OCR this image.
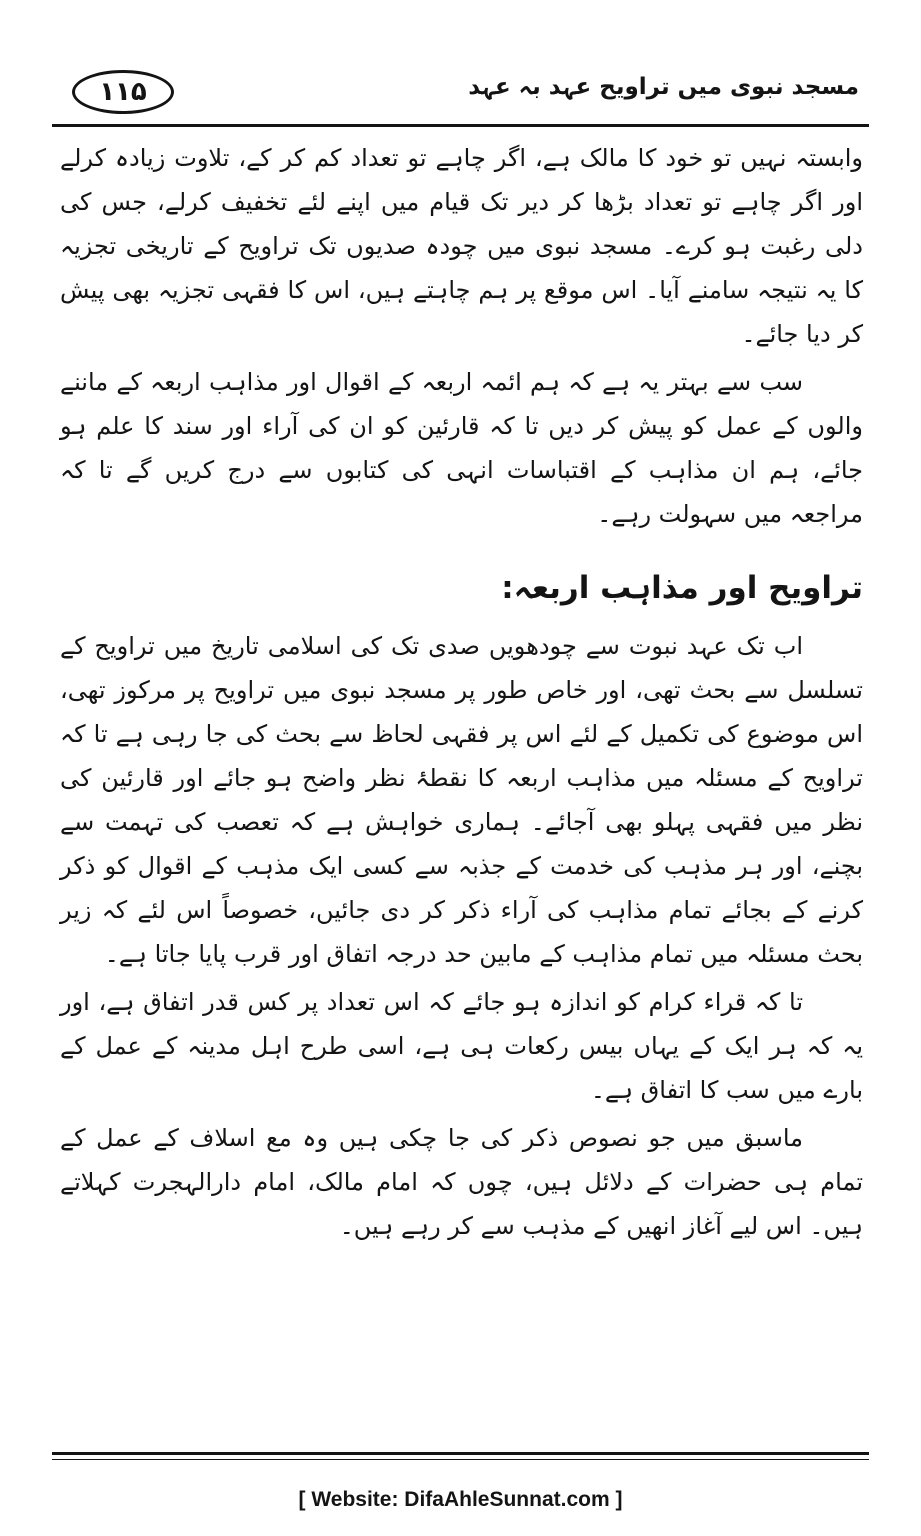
مسجد نبوی میں تراویح عہد بہ عہد
۱۱۵

وابستہ نہیں تو خود کا مالک ہے، اگر چاہے تو تعداد کم کر کے، تلاوت زیادہ کرلے اور اگر چاہے تو تعداد بڑھا کر دیر تک قیام میں اپنے لئے تخفیف کرلے، جس کی دلی رغبت ہو کرے۔ مسجد نبوی میں چودہ صدیوں تک تراویح کے تاریخی تجزیہ کا یہ نتیجہ سامنے آیا۔ اس موقع پر ہم چاہتے ہیں، اس کا فقہی تجزیہ بھی پیش کر دیا جائے۔

سب سے بہتر یہ ہے کہ ہم ائمہ اربعہ کے اقوال اور مذاہب اربعہ کے ماننے والوں کے عمل کو پیش کر دیں تا کہ قارئین کو ان کی آراء اور سند کا علم ہو جائے، ہم ان مذاہب کے اقتباسات انہی کی کتابوں سے درج کریں گے تا کہ مراجعہ میں سہولت رہے۔

تراویح اور مذاہب اربعہ:

اب تک عہد نبوت سے چودھویں صدی تک کی اسلامی تاریخ میں تراویح کے تسلسل سے بحث تھی، اور خاص طور پر مسجد نبوی میں تراویح پر مرکوز تھی، اس موضوع کی تکمیل کے لئے اس پر فقہی لحاظ سے بحث کی جا رہی ہے تا کہ تراویح کے مسئلہ میں مذاہب اربعہ کا نقطۂ نظر واضح ہو جائے اور قارئین کی نظر میں فقہی پہلو بھی آجائے۔ ہماری خواہش ہے کہ تعصب کی تہمت سے بچنے، اور ہر مذہب کی خدمت کے جذبہ سے کسی ایک مذہب کے اقوال کو ذکر کرنے کے بجائے تمام مذاہب کی آراء ذکر کر دی جائیں، خصوصاً اس لئے کہ زیر بحث مسئلہ میں تمام مذاہب کے مابین حد درجہ اتفاق اور قرب پایا جاتا ہے۔

تا کہ قراء کرام کو اندازہ ہو جائے کہ اس تعداد پر کس قدر اتفاق ہے، اور یہ کہ ہر ایک کے یہاں بیس رکعات ہی ہے، اسی طرح اہل مدینہ کے عمل کے بارے میں سب کا اتفاق ہے۔

ماسبق میں جو نصوص ذکر کی جا چکی ہیں وہ مع اسلاف کے عمل کے تمام ہی حضرات کے دلائل ہیں، چوں کہ امام مالک، امام دارالہجرت کہلاتے ہیں۔ اس لیے آغاز انھیں کے مذہب سے کر رہے ہیں۔

[ Website: DifaAhleSunnat.com ]
